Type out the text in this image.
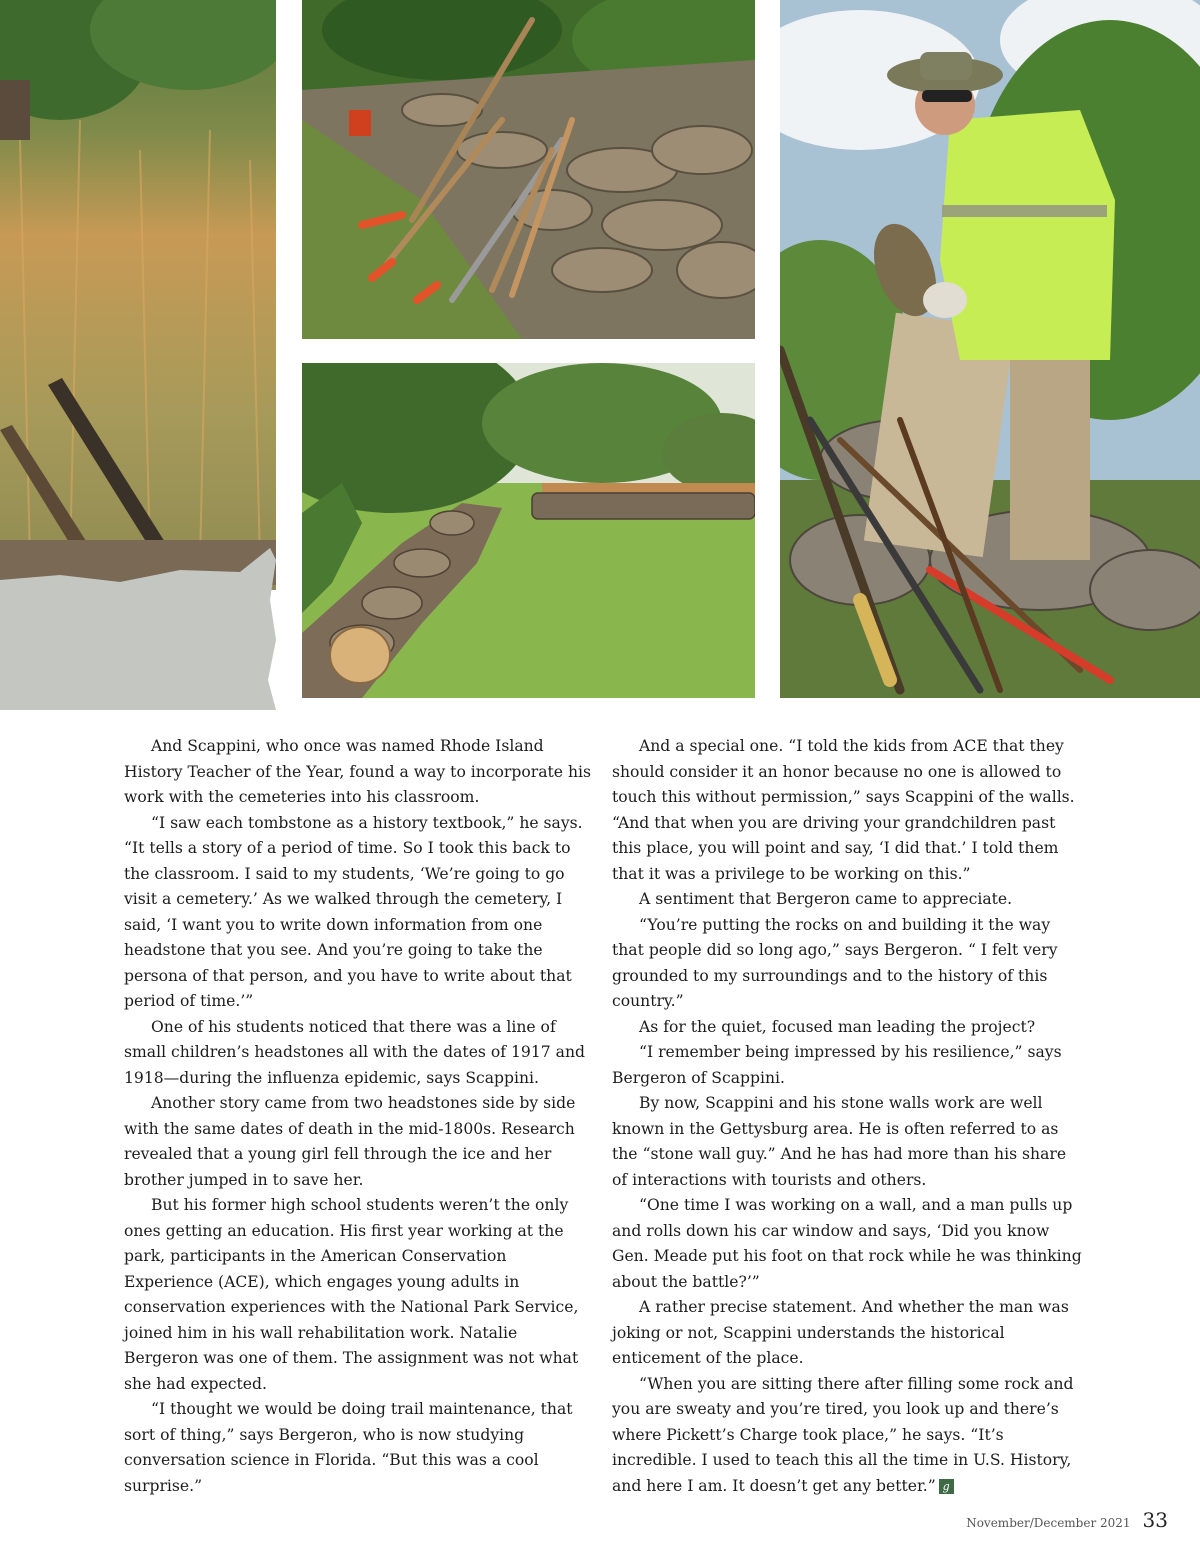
And Scappini, who once was named Rhode Island History Teacher of the Year, found a way to incorporate his work with the cemeteries into his classroom.

“I saw each tombstone as a history textbook,” he says. “It tells a story of a period of time. So I took this back to the classroom. I said to my students, ‘We’re going to go visit a cemetery.’ As we walked through the cemetery, I said, ‘I want you to write down information from one headstone that you see. And you’re going to take the persona of that person, and you have to write about that period of time.’”

One of his students noticed that there was a line of small children’s headstones all with the dates of 1917 and 1918—during the influenza epidemic, says Scappini.

Another story came from two headstones side by side with the same dates of death in the mid-1800s. Research revealed that a young girl fell through the ice and her brother jumped in to save her.

But his former high school students weren’t the only ones getting an education. His first year working at the park, participants in the American Conservation Experience (ACE), which engages young adults in conservation experiences with the National Park Service, joined him in his wall rehabilitation work. Natalie Bergeron was one of them. The assignment was not what she had expected.

“I thought we would be doing trail maintenance, that sort of thing,” says Bergeron, who is now studying conversation science in Florida. “But this was a cool surprise.”

And a special one. “I told the kids from ACE that they should consider it an honor because no one is allowed to touch this without permission,” says Scappini of the walls. “And that when you are driving your grandchildren past this place, you will point and say, ‘I did that.’ I told them that it was a privilege to be working on this.”

A sentiment that Bergeron came to appreciate.

“You’re putting the rocks on and building it the way that people did so long ago,” says Bergeron. “ I felt very grounded to my surroundings and to the history of this country.”

As for the quiet, focused man leading the project?

“I remember being impressed by his resilience,” says Bergeron of Scappini.

By now, Scappini and his stone walls work are well known in the Gettysburg area. He is often referred to as the “stone wall guy.” And he has had more than his share of interactions with tourists and others.

“One time I was working on a wall, and a man pulls up and rolls down his car window and says, ‘Did you know Gen. Meade put his foot on that rock while he was thinking about the battle?’”

A rather precise statement. And whether the man was joking or not, Scappini understands the historical enticement of the place.

“When you are sitting there after filling some rock and you are sweaty and you’re tired, you look up and there’s where Pickett’s Charge took place,” he says. “It’s incredible. I used to teach this all the time in U.S. History, and here I am. It doesn’t get any better.” g

November/December 2021 33
